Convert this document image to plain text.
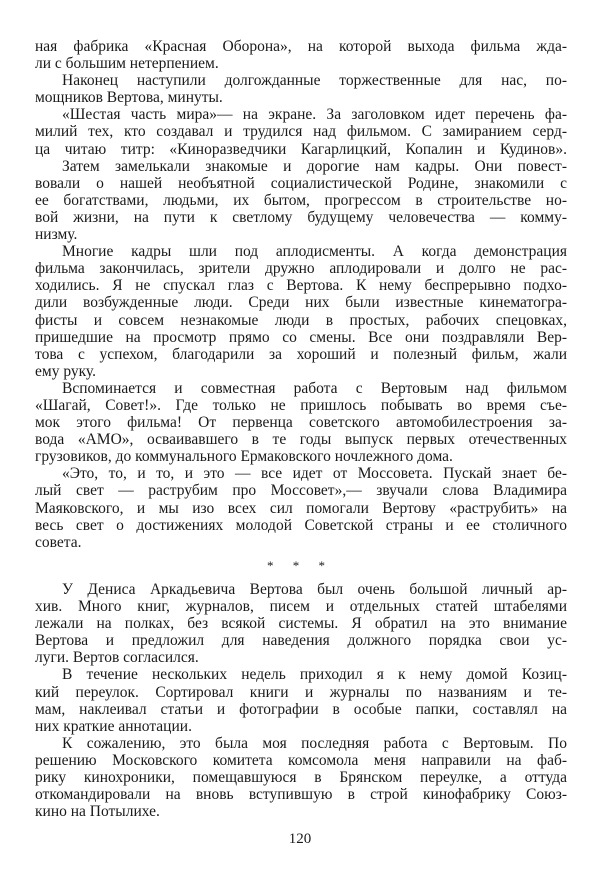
ная фабрика «Красная Оборона», на которой выхода фильма жда-
ли с большим нетерпением.
Наконец наступили долгожданные торжественные для нас, по-
мощников Вертова, минуты.
«Шестая часть мира»— на экране. За заголовком идет перечень фа-
милий тех, кто создавал и трудился над фильмом. С замиранием серд-
ца читаю титр: «Киноразведчики Кагарлицкий, Копалин и Кудинов».
Затем замелькали знакомые и дорогие нам кадры. Они повест-
вовали о нашей необъятной социалистической Родине, знакомили с
ее богатствами, людьми, их бытом, прогрессом в строительстве но-
вой жизни, на пути к светлому будущему человечества — комму-
низму.
Многие кадры шли под аплодисменты. А когда демонстрация
фильма закончилась, зрители дружно аплодировали и долго не рас-
ходились. Я не спускал глаз с Вертова. К нему беспрерывно подхо-
дили возбужденные люди. Среди них были известные кинематогра-
фисты и совсем незнакомые люди в простых, рабочих спецовках,
пришедшие на просмотр прямо со смены. Все они поздравляли Вер-
това с успехом, благодарили за хороший и полезный фильм, жали
ему руку.
Вспоминается и совместная работа с Вертовым над фильмом
«Шагай, Совет!». Где только не пришлось побывать во время съе-
мок этого фильма! От первенца советского автомобилестроения за-
вода «АМО», осваивавшего в те годы выпуск первых отечественных
грузовиков, до коммунального Ермаковского ночлежного дома.
«Это, то, и то, и это — все идет от Моссовета. Пускай знает бе-
лый свет — раструбим про Моссовет»,— звучали слова Владимира
Маяковского, и мы изо всех сил помогали Вертову «раструбить» на
весь свет о достижениях молодой Советской страны и ее столичного
совета.
* * *
У Дениса Аркадьевича Вертова был очень большой личный ар-
хив. Много книг, журналов, писем и отдельных статей штабелями
лежали на полках, без всякой системы. Я обратил на это внимание
Вертова и предложил для наведения должного порядка свои ус-
луги. Вертов согласился.
В течение нескольких недель приходил я к нему домой Козиц-
кий переулок. Сортировал книги и журналы по названиям и те-
мам, наклеивал статьи и фотографии в особые папки, составлял на
них краткие аннотации.
К сожалению, это была моя последняя работа с Вертовым. По
решению Московского комитета комсомола меня направили на фаб-
рику кинохроники, помещавшуюся в Брянском переулке, а оттуда
откомандировали на вновь вступившую в строй кинофабрику Союз-
кино на Потылихе.
120
